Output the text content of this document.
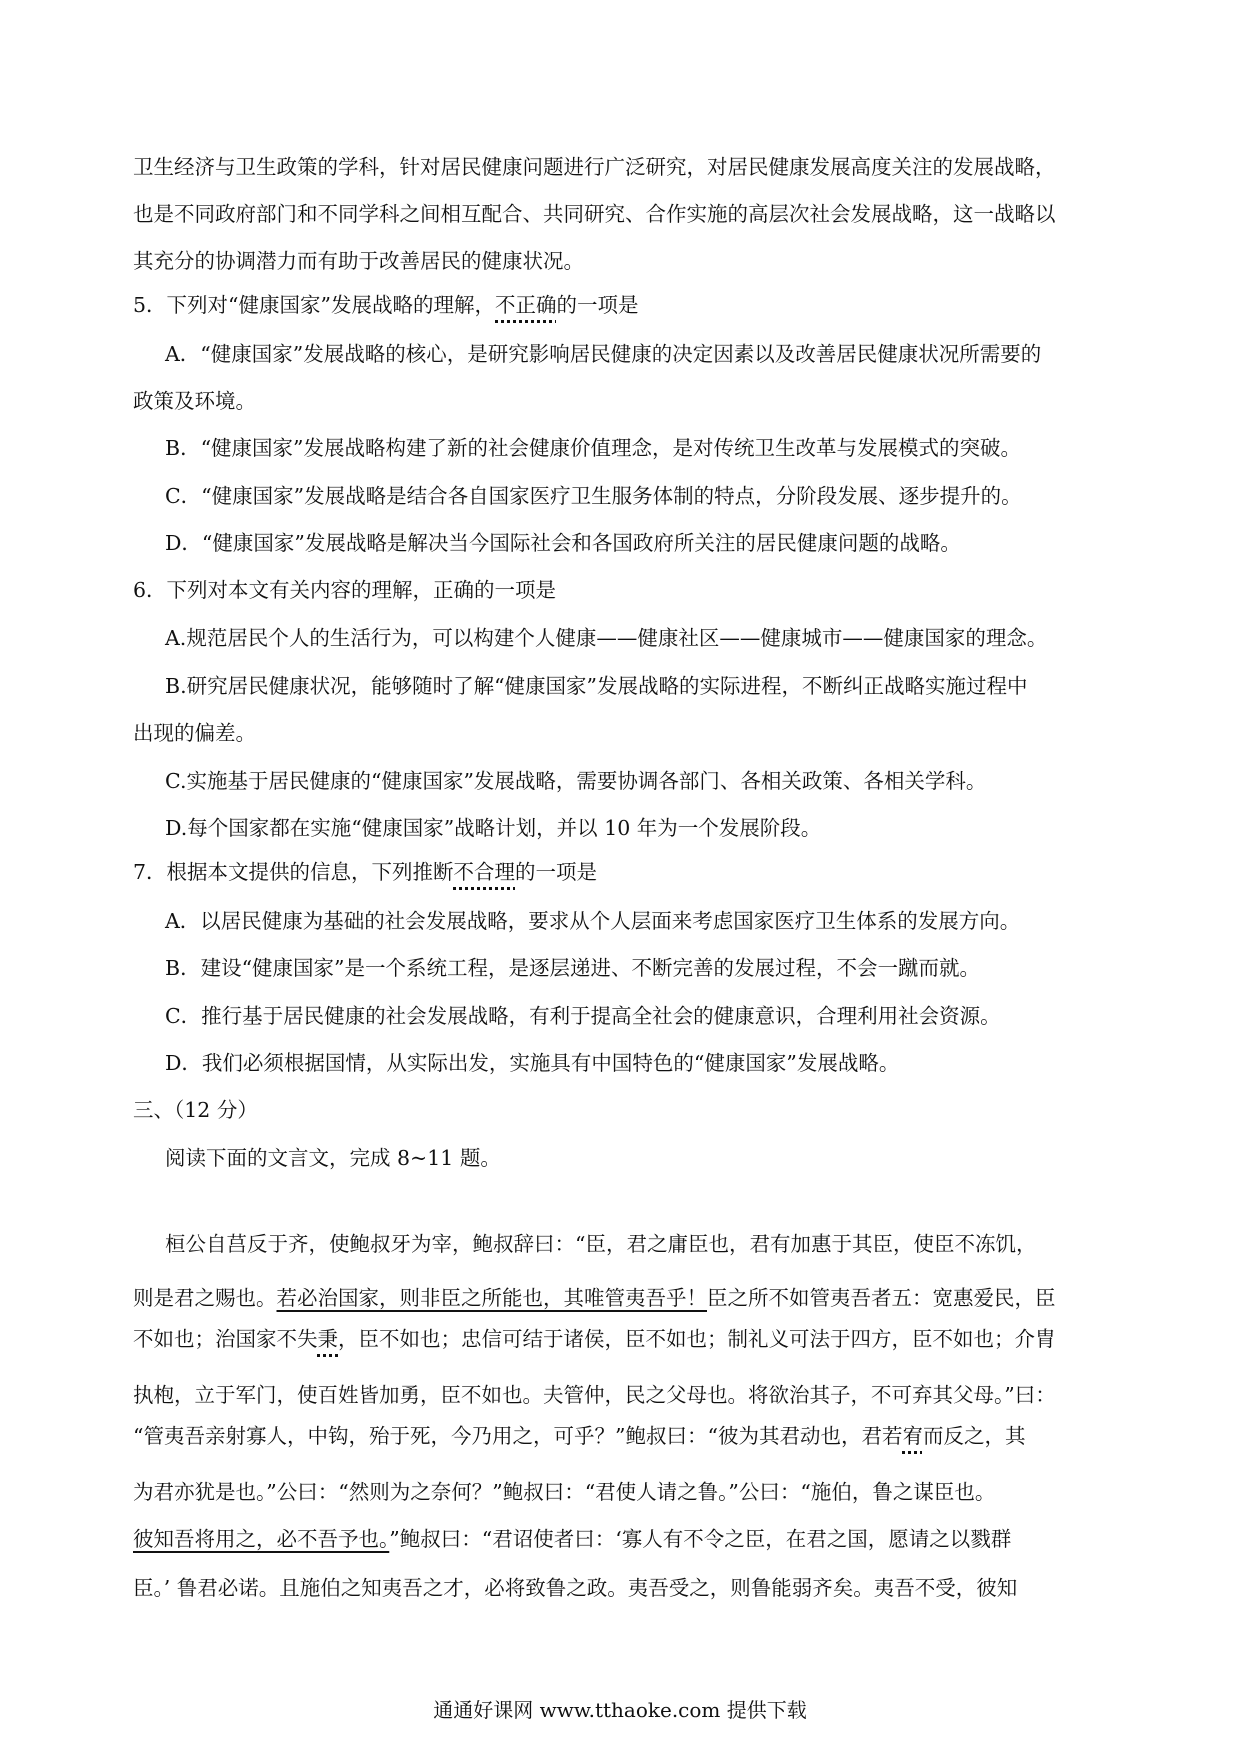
卫生经济与卫生政策的学科，针对居民健康问题进行广泛研究，对居民健康发展高度关注的发展战略，
也是不同政府部门和不同学科之间相互配合、共同研究、合作实施的高层次社会发展战略，这一战略以
其充分的协调潜力而有助于改善居民的健康状况。
5．下列对“健康国家”发展战略的理解，不正确的一项是
A．“健康国家”发展战略的核心，是研究影响居民健康的决定因素以及改善居民健康状况所需要的
政策及环境。
B．“健康国家”发展战略构建了新的社会健康价值理念，是对传统卫生改革与发展模式的突破。
C．“健康国家”发展战略是结合各自国家医疗卫生服务体制的特点，分阶段发展、逐步提升的。
D．“健康国家”发展战略是解决当今国际社会和各国政府所关注的居民健康问题的战略。
6．下列对本文有关内容的理解，正确的一项是
A.规范居民个人的生活行为，可以构建个人健康——健康社区——健康城市——健康国家的理念。
B.研究居民健康状况，能够随时了解“健康国家”发展战略的实际进程，不断纠正战略实施过程中
出现的偏差。
C.实施基于居民健康的“健康国家”发展战略，需要协调各部门、各相关政策、各相关学科。
D.每个国家都在实施“健康国家”战略计划，并以 10 年为一个发展阶段。
7．根据本文提供的信息，下列推断不合理的一项是
A．以居民健康为基础的社会发展战略，要求从个人层面来考虑国家医疗卫生体系的发展方向。
B．建设“健康国家”是一个系统工程，是逐层递进、不断完善的发展过程，不会一蹴而就。
C．推行基于居民健康的社会发展战略，有利于提高全社会的健康意识，合理利用社会资源。
D．我们必须根据国情，从实际出发，实施具有中国特色的“健康国家”发展战略。
三、（12 分）
阅读下面的文言文，完成 8~11 题。
桓公自莒反于齐，使鲍叔牙为宰，鲍叔辞曰：“臣，君之庸臣也，君有加惠于其臣，使臣不冻饥，
则是君之赐也。若必治国家，则非臣之所能也，其唯管夷吾乎！臣之所不如管夷吾者五：宽惠爱民，臣
不如也；治国家不失秉，臣不如也；忠信可结于诸侯，臣不如也；制礼义可法于四方，臣不如也；介胄
执枹，立于军门，使百姓皆加勇，臣不如也。夫管仲，民之父母也。将欲治其子，不可弃其父母。”曰：
“管夷吾亲射寡人，中钩，殆于死，今乃用之，可乎？”鲍叔曰：“彼为其君动也，君若宥而反之，其
为君亦犹是也。”公曰：“然则为之奈何？”鲍叔曰：“君使人请之鲁。”公曰：“施伯，鲁之谋臣也。
彼知吾将用之，必不吾予也。”鲍叔曰：“君诏使者曰：‘寡人有不令之臣，在君之国，愿请之以戮群
臣。’ 鲁君必诺。且施伯之知夷吾之才，必将致鲁之政。夷吾受之，则鲁能弱齐矣。夷吾不受，彼知
通通好课网 www.tthaoke.com 提供下载
